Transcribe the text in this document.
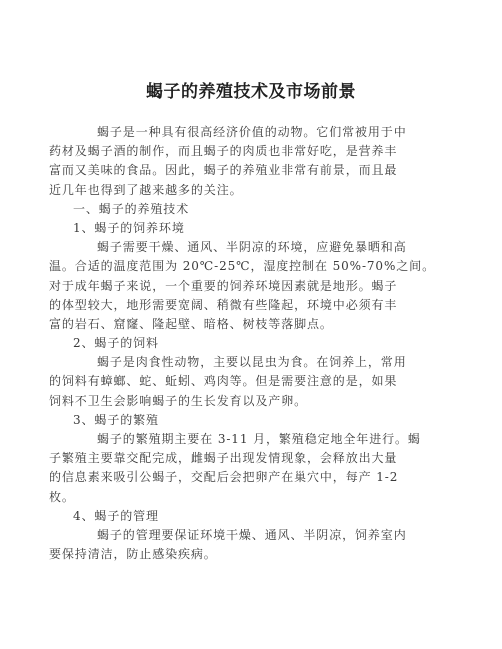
蝎子的养殖技术及市场前景
蝎子是一种具有很高经济价值的动物。它们常被用于中
药材及蝎子酒的制作，而且蝎子的肉质也非常好吃，是营养丰
富而又美味的食品。因此，蝎子的养殖业非常有前景，而且最
近几年也得到了越来越多的关注。
一、蝎子的养殖技术
1、蝎子的饲养环境
蝎子需要干燥、通风、半阴凉的环境，应避免暴晒和高
温。合适的温度范围为 20℃-25℃，湿度控制在 50%-70%之间。
对于成年蝎子来说，一个重要的饲养环境因素就是地形。蝎子
的体型较大，地形需要宽阔、稍微有些隆起，环境中必须有丰
富的岩石、窟窿、隆起壁、暗格、树枝等落脚点。
2、蝎子的饲料
蝎子是肉食性动物，主要以昆虫为食。在饲养上，常用
的饲料有蟑螂、蛇、蚯蚓、鸡肉等。但是需要注意的是，如果
饲料不卫生会影响蝎子的生长发育以及产卵。
3、蝎子的繁殖
蝎子的繁殖期主要在 3-11 月，繁殖稳定地全年进行。蝎
子繁殖主要靠交配完成，雌蝎子出现发情现象，会释放出大量
的信息素来吸引公蝎子，交配后会把卵产在巢穴中，每产 1-2
枚。
4、蝎子的管理
蝎子的管理要保证环境干燥、通风、半阴凉，饲养室内
要保持清洁，防止感染疾病。
